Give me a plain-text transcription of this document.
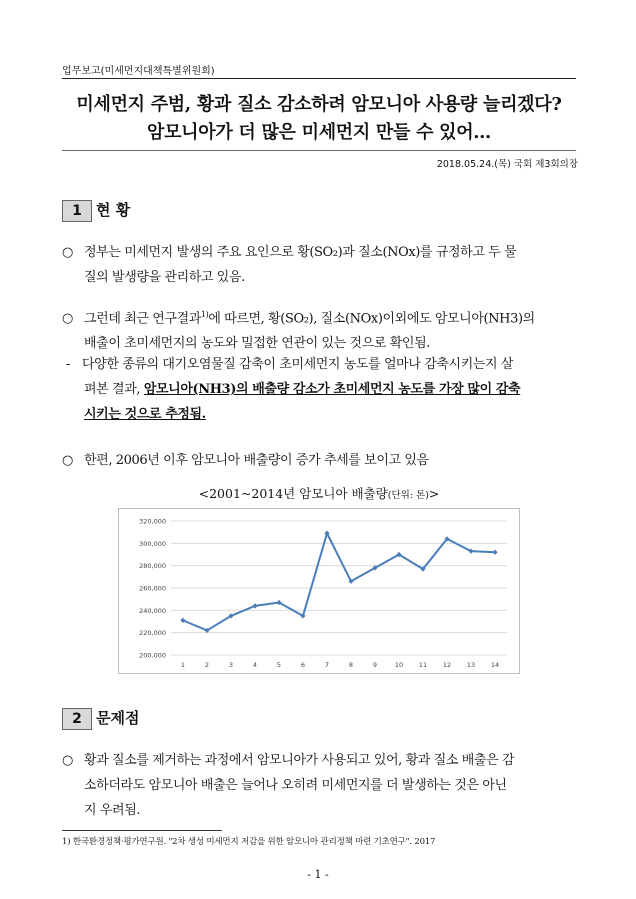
업무보고(미세먼지대책특별위원회)
미세먼지 주범, 황과 질소 감소하려 암모니아 사용량 늘리겠다?
암모니아가 더 많은 미세먼지 만들 수 있어…
2018.05.24.(목) 국회 제3회의장
1 현 황
○ 정부는 미세먼지 발생의 주요 요인으로 황(SO₂)과 질소(NOx)를 규정하고 두 물
질의 발생량을 관리하고 있음.
○ 그런데 최근 연구결과$^{1)}$에 따르면, 황(SO₂), 질소(NOx)이외에도 암모니아(NH3)의
배출이 초미세먼지의 농도와 밀접한 연관이 있는 것으로 확인됨.
- 다양한 종류의 대기오염물질 감축이 초미세먼지 농도를 얼마나 감축시키는지 살
펴본 결과, 암모니아(NH3)의 배출량 감소가 초미세먼지 농도를 가장 많이 감축
시키는 것으로 추정됨.
○ 한편, 2006년 이후 암모니아 배출량이 증가 추세를 보이고 있음
<2001~2014년 암모니아 배출량(단위: 톤)>
320,000
300,000
280,000
260,000
240,000
220,000
200,000
1	2	3	4	5	6	7	8	9	10 11 12 13 14
2 문제점
○ 황과 질소를 제거하는 과정에서 암모니아가 사용되고 있어, 황과 질소 배출은 감
소하더라도 암모니아 배출은 늘어나 오히려 미세먼지를 더 발생하는 것은 아닌
지 우려됨.
1) 한국환경정책·평가연구원. "2차 생성 미세먼지 저감을 위한 암모니아 관리정책 마련 기초연구". 2017
- 1 -
